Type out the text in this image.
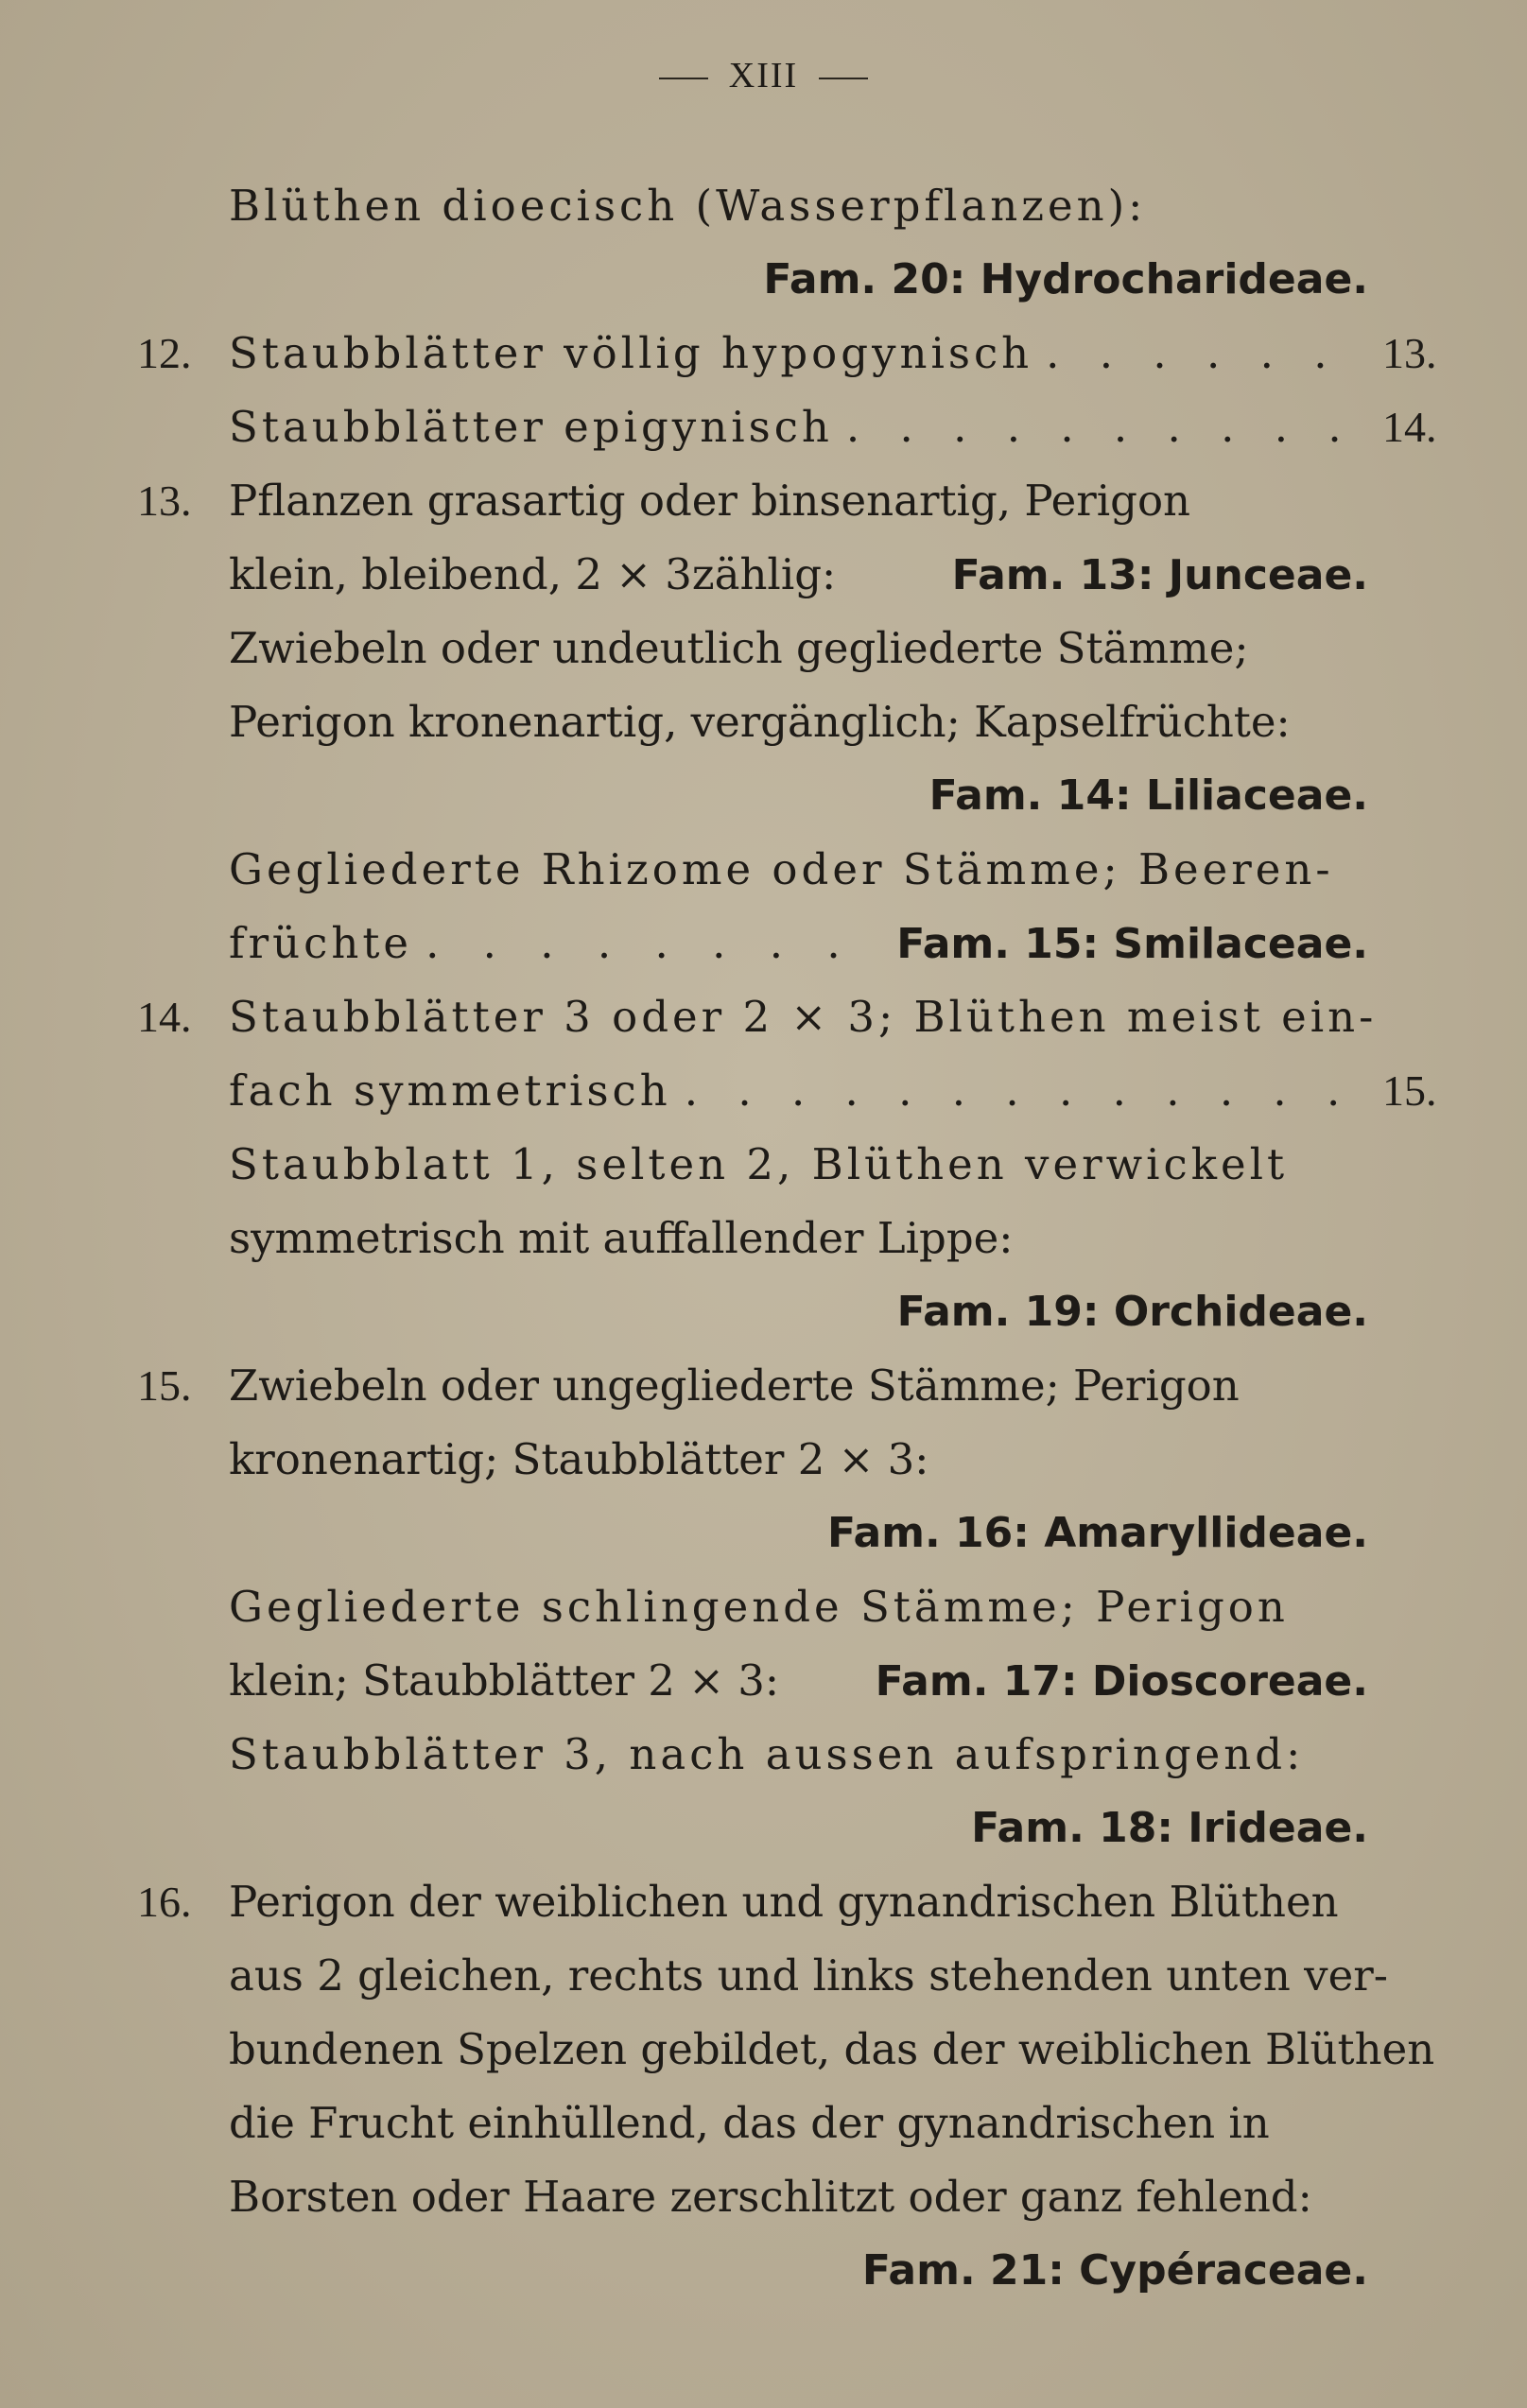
XIII
Blüthen dioecisch (Wasserpflanzen):
Fam. 20: Hydrocharideae.
12. Staubblätter völlig hypogynisch . . .	13.
Staubblätter epigynisch . . .	14.
13. Pflanzen grasartig oder binsenartig, Perigon
klein, bleibend, 2 × 3zählig:	Fam. 13: Junceae.
Zwiebeln oder undeutlich gegliederte Stämme;
Perigon kronenartig, vergänglich; Kapselfrüchte:
Fam. 14: Liliaceae.
Gegliederte Rhizome oder Stämme; Beeren-
früchte . . .	Fam. 15: Smilaceae.
14. Staubblätter 3 oder 2 × 3; Blüthen meist ein-
fach symmetrisch . . .	15.
Staubblatt 1, selten 2, Blüthen verwickelt
symmetrisch mit auffallender Lippe:
Fam. 19: Orchideae.
15. Zwiebeln oder ungegliederte Stämme; Perigon
kronenartig; Staubblätter 2 × 3:
Fam. 16: Amaryllideae.
Gegliederte schlingende Stämme; Perigon
klein; Staubblätter 2 × 3: Fam. 17: Dioscoreae.
Staubblätter 3, nach aussen aufspringend:
Fam. 18: Irideae.
16. Perigon der weiblichen und gynandrischen Blüthen
aus 2 gleichen, rechts und links stehenden unten ver-
bundenen Spelzen gebildet, das der weiblichen Blüthen
die Frucht einhüllend, das der gynandrischen in
Borsten oder Haare zerschlitzt oder ganz fehlend:
Fam. 21: Cypéraceae.
